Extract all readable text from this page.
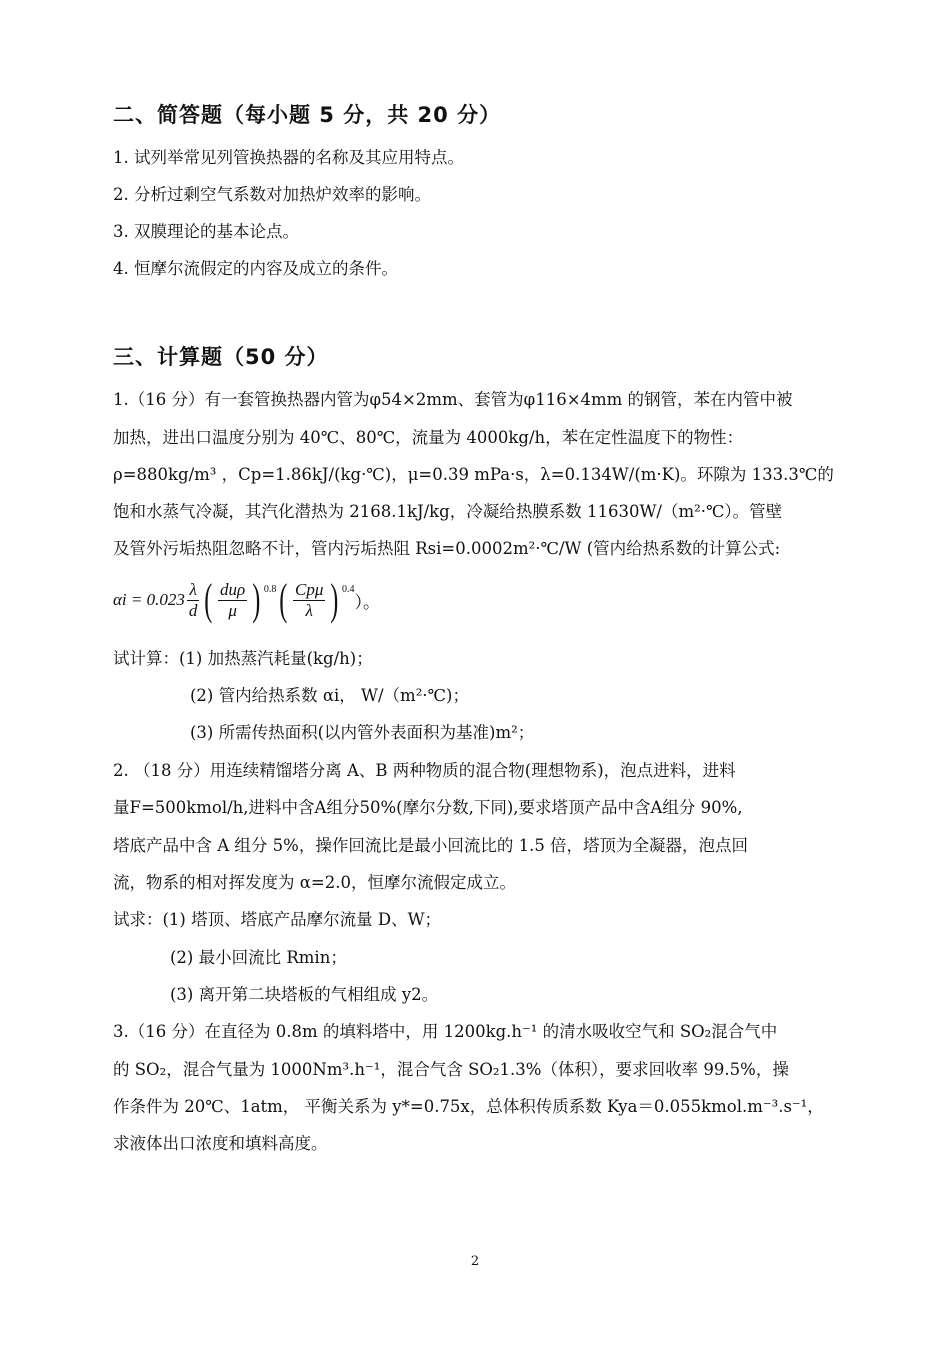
二、简答题（每小题 5 分，共 20 分）
1. 试列举常见列管换热器的名称及其应用特点。
2. 分析过剩空气系数对加热炉效率的影响。
3. 双膜理论的基本论点。
4. 恒摩尔流假定的内容及成立的条件。
三、计算题（50 分）
1.（16 分）有一套管换热器内管为φ54×2mm、套管为φ116×4mm 的钢管，苯在内管中被
加热，进出口温度分别为 40℃、80℃，流量为 4000kg/h，苯在定性温度下的物性：
ρ=880kg/m³ ，Cp=1.86kJ/(kg·℃)，μ=0.39 mPa·s，λ=0.134W/(m·K)。环隙为 133.3℃的
饱和水蒸气冷凝，其汽化潜热为 2168.1kJ/kg，冷凝给热膜系数 11630W/（m²·℃）。管壁
及管外污垢热阻忽略不计，管内污垢热阻 Rsi=0.0002m²·℃/W (管内给热系数的计算公式:
$\alpha i = 0.023 \frac{\lambda}{d}$ ( $\frac{\text{duρ}}{\mu}$ ) 0.8 ( $\frac{\text{Cpμ}}{\lambda}$ ) 0.4
）。
试计算：(1) 加热蒸汽耗量(kg/h)；
(2) 管内给热系数 αi， W/（m²·℃)；
(3) 所需传热面积(以内管外表面积为基准)m²；
2. （18 分）用连续精馏塔分离 A、B 两种物质的混合物(理想物系)，泡点进料，进料
量F=500kmol/h,进料中含A组分50%(摩尔分数,下同),要求塔顶产品中含A组分 90%,
塔底产品中含 A 组分 5%，操作回流比是最小回流比的 1.5 倍，塔顶为全凝器，泡点回
流，物系的相对挥发度为 α=2.0，恒摩尔流假定成立。
试求：(1) 塔顶、塔底产品摩尔流量 D、W；
(2) 最小回流比 Rmin；
(3) 离开第二块塔板的气相组成 y2。
3.（16 分）在直径为 0.8m 的填料塔中，用 1200kg.h⁻¹ 的清水吸收空气和 SO₂混合气中
的 SO₂，混合气量为 1000Nm³.h⁻¹，混合气含 SO₂1.3%（体积），要求回收率 99.5%，操
作条件为 20℃、1atm， 平衡关系为 y*=0.75x，总体积传质系数 Kya＝0.055kmol.m⁻³.s⁻¹，
求液体出口浓度和填料高度。
2
